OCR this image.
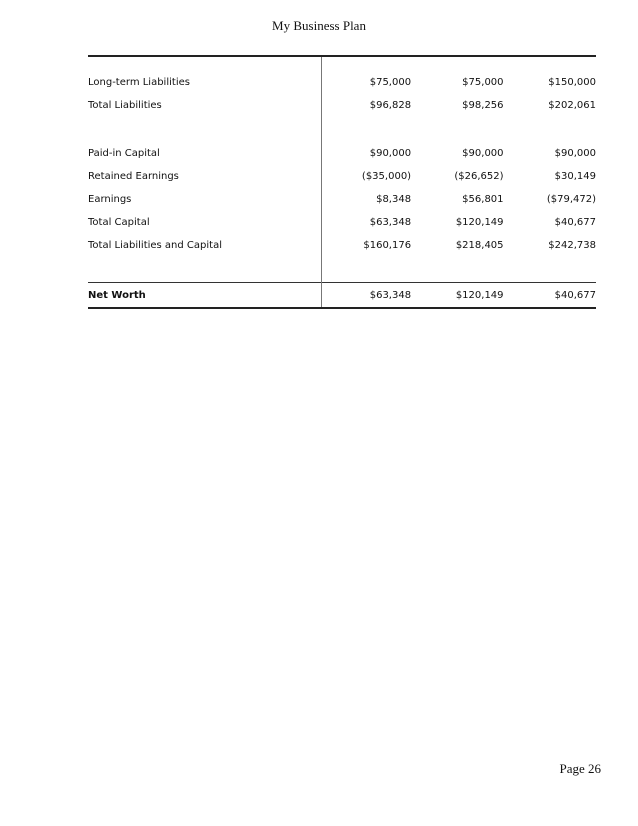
My Business Plan

Long-term Liabilities	$75,000	$75,000	$150,000
Total Liabilities	$96,828	$98,256	$202,061

Paid-in Capital	$90,000	$90,000	$90,000
Retained Earnings	($35,000)	($26,652)	$30,149
Earnings	$8,348	$56,801	($79,472)
Total Capital	$63,348	$120,149	$40,677
Total Liabilities and Capital	$160,176	$218,405	$242,738

Net Worth	$63,348	$120,149	$40,677
Page 26
